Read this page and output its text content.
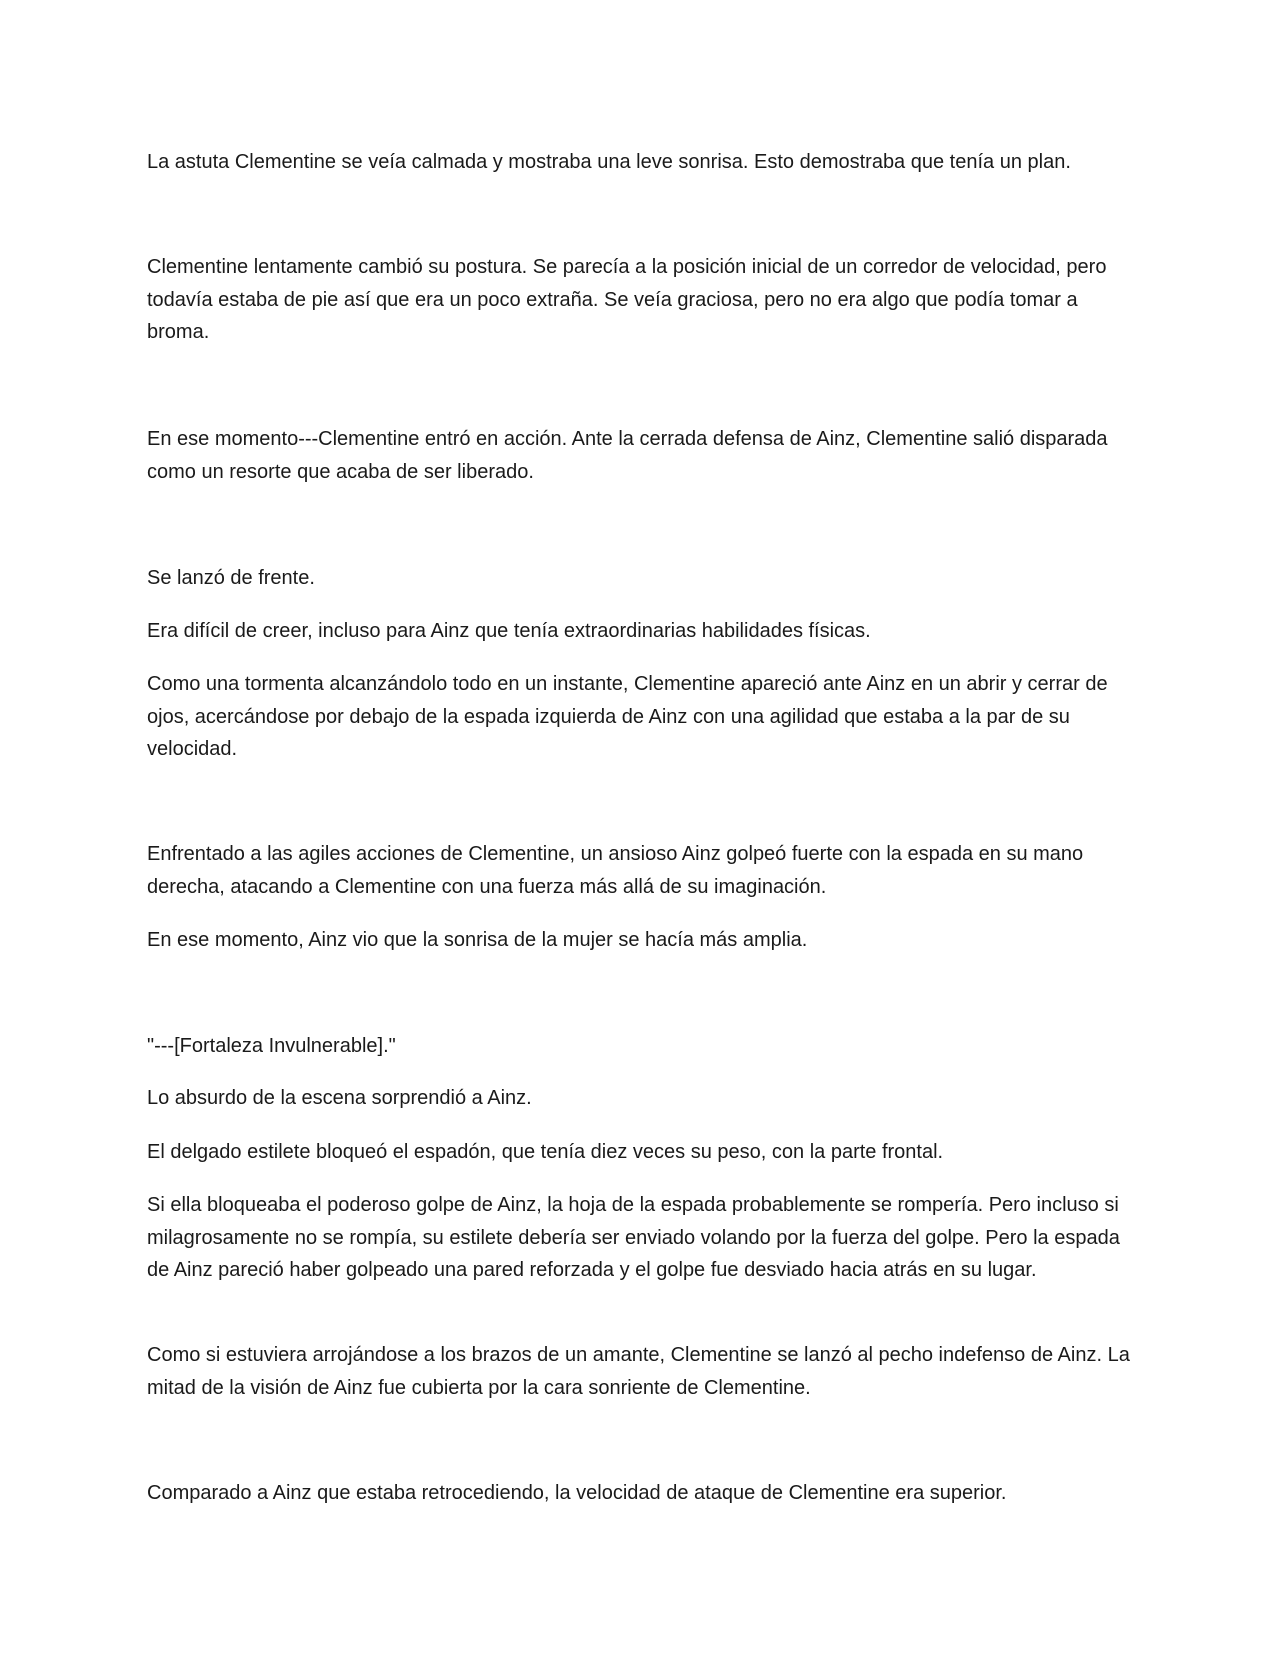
La astuta Clementine se veía calmada y mostraba una leve sonrisa. Esto demostraba que tenía un plan.

Clementine lentamente cambió su postura. Se parecía a la posición inicial de un corredor de velocidad, pero todavía estaba de pie así que era un poco extraña. Se veía graciosa, pero no era algo que podía tomar a broma.

En ese momento---Clementine entró en acción. Ante la cerrada defensa de Ainz, Clementine salió disparada como un resorte que acaba de ser liberado.

Se lanzó de frente.

Era difícil de creer, incluso para Ainz que tenía extraordinarias habilidades físicas.

Como una tormenta alcanzándolo todo en un instante, Clementine apareció ante Ainz en un abrir y cerrar de ojos, acercándose por debajo de la espada izquierda de Ainz con una agilidad que estaba a la par de su velocidad.

Enfrentado a las agiles acciones de Clementine, un ansioso Ainz golpeó fuerte con la espada en su mano derecha, atacando a Clementine con una fuerza más allá de su imaginación.

En ese momento, Ainz vio que la sonrisa de la mujer se hacía más amplia.

"---[Fortaleza Invulnerable]."

Lo absurdo de la escena sorprendió a Ainz.

El delgado estilete bloqueó el espadón, que tenía diez veces su peso, con la parte frontal.

Si ella bloqueaba el poderoso golpe de Ainz, la hoja de la espada probablemente se rompería. Pero incluso si milagrosamente no se rompía, su estilete debería ser enviado volando por la fuerza del golpe. Pero la espada de Ainz pareció haber golpeado una pared reforzada y el golpe fue desviado hacia atrás en su lugar.

Como si estuviera arrojándose a los brazos de un amante, Clementine se lanzó al pecho indefenso de Ainz. La mitad de la visión de Ainz fue cubierta por la cara sonriente de Clementine.

Comparado a Ainz que estaba retrocediendo, la velocidad de ataque de Clementine era superior.
